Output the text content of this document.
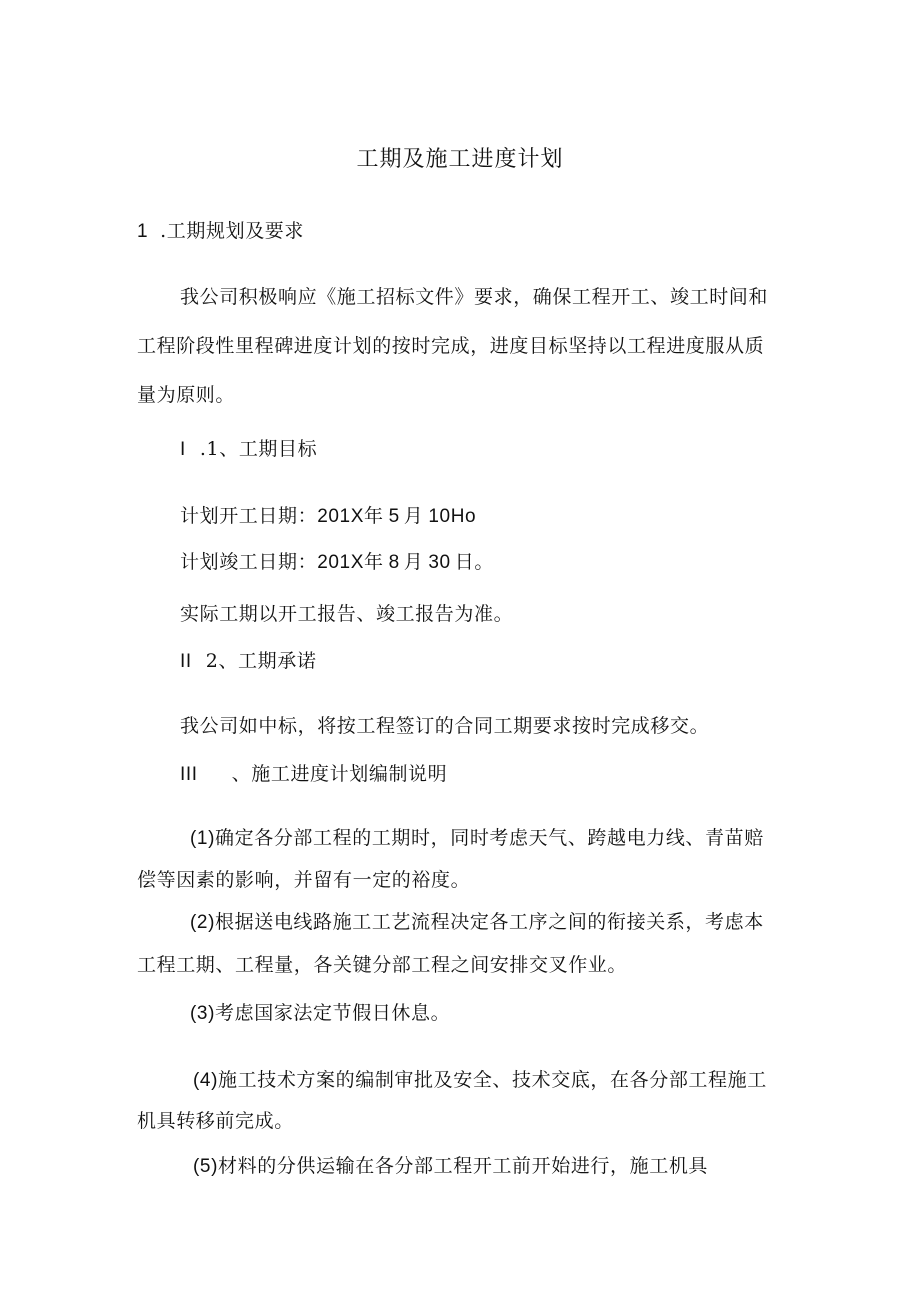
工期及施工进度计划
1 .工期规划及要求
我公司积极响应《施工招标文件》要求，确保工程开工、竣工时间和
工程阶段性里程碑进度计划的按时完成，进度目标坚持以工程进度服从质
量为原则。
I .1、工期目标
计划开工日期：201X年 5 月 10Ho
计划竣工日期：201X年 8 月 30 日。
实际工期以开工报告、竣工报告为准。
II 2、工期承诺
我公司如中标，将按工程签订的合同工期要求按时完成移交。
III 、施工进度计划编制说明
(1)确定各分部工程的工期时，同时考虑天气、跨越电力线、青苗赔
偿等因素的影响，并留有一定的裕度。
(2)根据送电线路施工工艺流程决定各工序之间的衔接关系，考虑本
工程工期、工程量，各关键分部工程之间安排交叉作业。
(3)考虑国家法定节假日休息。
(4)施工技术方案的编制审批及安全、技术交底，在各分部工程施工
机具转移前完成。
(5)材料的分供运输在各分部工程开工前开始进行，施工机具
